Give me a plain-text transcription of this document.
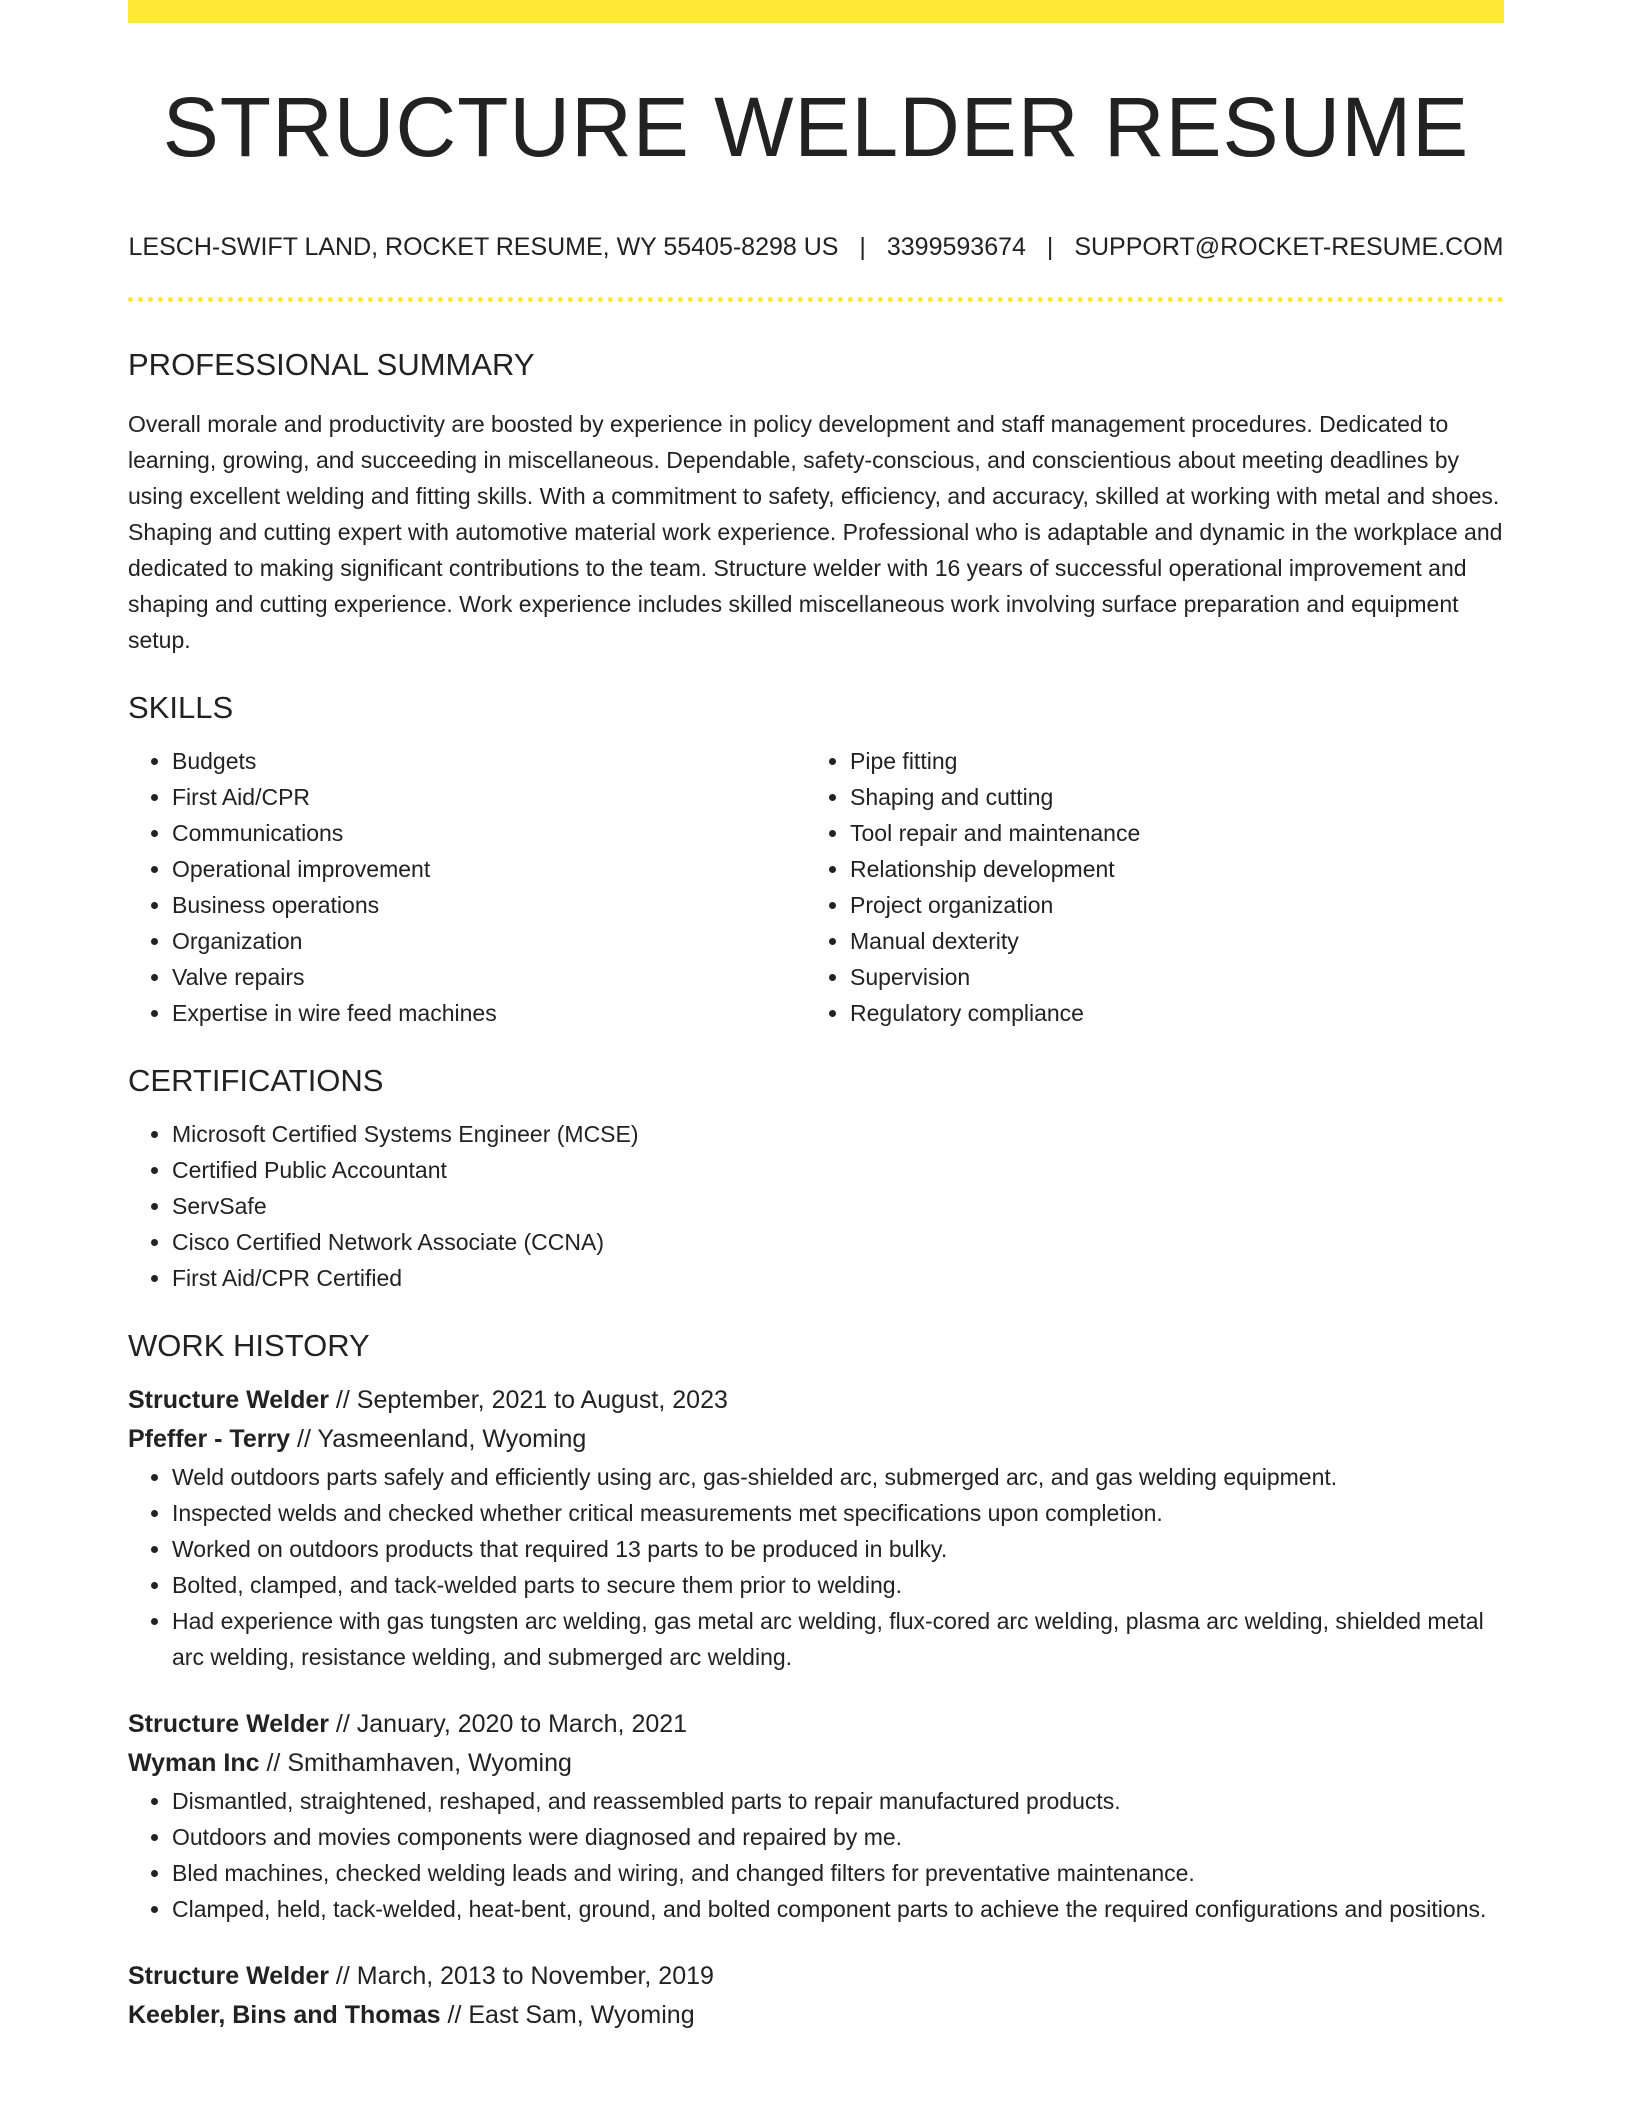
STRUCTURE WELDER RESUME
LESCH-SWIFT LAND, ROCKET RESUME, WY 55405-8298 US | 3399593674 | SUPPORT@ROCKET-RESUME.COM
PROFESSIONAL SUMMARY

Overall morale and productivity are boosted by experience in policy development and staff management procedures. Dedicated to learning, growing, and succeeding in miscellaneous. Dependable, safety-conscious, and conscientious about meeting deadlines by using excellent welding and fitting skills. With a commitment to safety, efficiency, and accuracy, skilled at working with metal and shoes. Shaping and cutting expert with automotive material work experience. Professional who is adaptable and dynamic in the workplace and dedicated to making significant contributions to the team. Structure welder with 16 years of successful operational improvement and shaping and cutting experience. Work experience includes skilled miscellaneous work involving surface preparation and equipment setup.

SKILLS
• Budgets
• First Aid/CPR
• Communications
• Operational improvement
• Business operations
• Organization
• Valve repairs
• Expertise in wire feed machines
• Pipe fitting
• Shaping and cutting
• Tool repair and maintenance
• Relationship development
• Project organization
• Manual dexterity
• Supervision
• Regulatory compliance
CERTIFICATIONS
• Microsoft Certified Systems Engineer (MCSE)
• Certified Public Accountant
• ServSafe
• Cisco Certified Network Associate (CCNA)
• First Aid/CPR Certified
WORK HISTORY
Structure Welder // September, 2021 to August, 2023
Pfeffer - Terry // Yasmeenland, Wyoming
• Weld outdoors parts safely and efficiently using arc, gas-shielded arc, submerged arc, and gas welding equipment.
• Inspected welds and checked whether critical measurements met specifications upon completion.
• Worked on outdoors products that required 13 parts to be produced in bulky.
• Bolted, clamped, and tack-welded parts to secure them prior to welding.
• Had experience with gas tungsten arc welding, gas metal arc welding, flux-cored arc welding, plasma arc welding, shielded metal arc welding, resistance welding, and submerged arc welding.
Structure Welder // January, 2020 to March, 2021
Wyman Inc // Smithamhaven, Wyoming
• Dismantled, straightened, reshaped, and reassembled parts to repair manufactured products.
• Outdoors and movies components were diagnosed and repaired by me.
• Bled machines, checked welding leads and wiring, and changed filters for preventative maintenance.
• Clamped, held, tack-welded, heat-bent, ground, and bolted component parts to achieve the required configurations and positions.
Structure Welder // March, 2013 to November, 2019
Keebler, Bins and Thomas // East Sam, Wyoming
